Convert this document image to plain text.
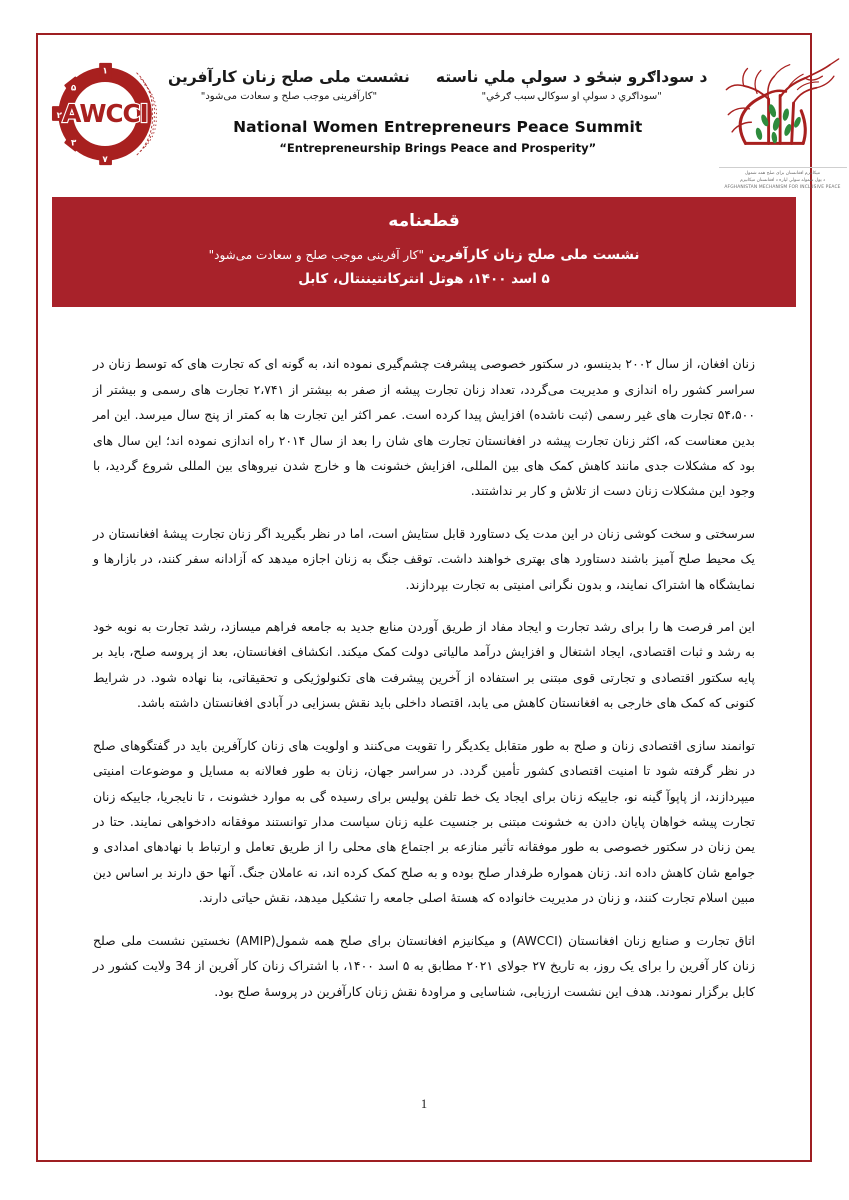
۱
۵
۲
۳
۷
AWCCI
نشست ملی صلح زنان کارآفرین
"کارآفرینی موجب صلح و سعادت می‌شود"
د سوداګرو ښځو د سولې ملي ناسته
"سوداګري د سولې او سوکالۍ سبب ګرځي"
National Women Entrepreneurs Peace Summit
“Entrepreneurship Brings Peace and Prosperity”
میکانیزم افغانستان برای صلح همه شمول
د ټول شموله سولې لپاره د افغانستان میکانیزم
AFGHANISTAN MECHANISM FOR INCLUSIVE PEACE
قطعنامه
نشست ملی صلح زنان کارآفرین "کار آفرینی موجب صلح و سعادت می‌شود"
۵ اسد ۱۴۰۰، هوتل انترکانتیننتال، کابل

زنان افغان، از سال ۲۰۰۲ بدینسو، در سکتور خصوصی پیشرفت چشم‌گیری نموده اند، به گونه ای که تجارت های که توسط زنان در سراسر کشور راه اندازی و مدیریت می‌گردد، تعداد زنان تجارت پیشه از صفر به بیشتر از ۲،۷۴۱ تجارت های رسمی و بیشتر از ۵۴،۵۰۰ تجارت های غیر رسمی (ثبت ناشده) افزایش پیدا کرده است. عمر اکثر این تجارت ها به کمتر از پنج سال میرسد. این امر بدین معناست که، اکثر زنان تجارت پیشه در افغانستان تجارت های شان را بعد از سال ۲۰۱۴ راه اندازی نموده اند؛ این سال های بود که مشکلات جدی مانند کاهش کمک های بین المللی، افزایش خشونت ها و خارج شدن نیروهای بین المللی شروع گردید، با وجود این مشکلات زنان دست از تلاش و کار بر نداشتند.

سرسختی و سخت کوشی زنان در این مدت یک دستاورد قابل ستایش است، اما در نظر بگیرید اگر زنان تجارت پیشهٔ افغانستان در یک محیط صلح آمیز باشند دستاورد های بهتری خواهند داشت. توقف جنگ به زنان اجازه میدهد که آزادانه سفر کنند، در بازارها و نمایشگاه ها اشتراک نمایند، و بدون نگرانی امنیتی به تجارت بپردازند.

این امر فرصت ها را برای رشد تجارت و ایجاد مفاد از طریق آوردن منابع جدید به جامعه فراهم میسازد، رشد تجارت به نوبه خود به رشد و ثبات اقتصادی، ایجاد اشتغال و افزایش درآمد مالیاتی دولت کمک میکند. انکشاف افغانستان، بعد از پروسه صلح، باید بر پایه سکتور اقتصادی و تجارتی قوی مبتنی بر استفاده از آخرین پیشرفت های تکنولوژیکی و تحقیقاتی، بنا نهاده شود. در شرایط کنونی که کمک های خارجی به افغانستان کاهش می یابد، اقتصاد داخلی باید نقش بسزایی در آبادی افغانستان داشته باشد.

توانمند سازی اقتصادی زنان و صلح به طور متقابل یکدیگر را تقویت می‌کنند و اولویت های زنان کارآفرین باید در گفتگوهای صلح در نظر گرفته شود تا امنیت اقتصادی کشور تأمین گردد. در سراسر جهان، زنان به طور فعالانه به مسایل و موضوعات امنیتی میپردازند، از پاپوآ گینه نو، جاییکه زنان برای ایجاد یک خط تلفن پولیس برای رسیده گی به موارد خشونت ، تا نایجریا، جاییکه زنان تجارت پیشه خواهان پایان دادن به خشونت مبتنی بر جنسیت علیه زنان سیاست مدار توانستند موفقانه دادخواهی نمایند. حتا در یمن زنان در سکتور خصوصی به طور موفقانه تأثیر منازعه بر اجتماع های محلی را از طریق تعامل و ارتباط با نهادهای امدادی و جوامع شان کاهش داده اند. زنان همواره طرفدار صلح بوده و به صلح کمک کرده اند، نه عاملان جنگ. آنها حق دارند بر اساس دین مبین اسلام تجارت کنند، و زنان در مدیریت خانواده که هستهٔ اصلی جامعه را تشکیل میدهد، نقش حیاتی دارند.

اتاق تجارت و صنایع زنان افغانستان (AWCCI) و میکانیزم افغانستان برای صلح همه شمول(AMIP) نخستین نشست ملی صلح زنان کار آفرین را برای یک روز، به تاریخ ۲۷ جولای ۲۰۲۱ مطابق به ۵ اسد ۱۴۰۰، با اشتراک زنان کار آفرین از 34 ولایت کشور در کابل برگزار نمودند. هدف این نشست ارزیابی، شناسایی و مراودهٔ نقش زنان کارآفرین در پروسهٔ صلح بود.

1
